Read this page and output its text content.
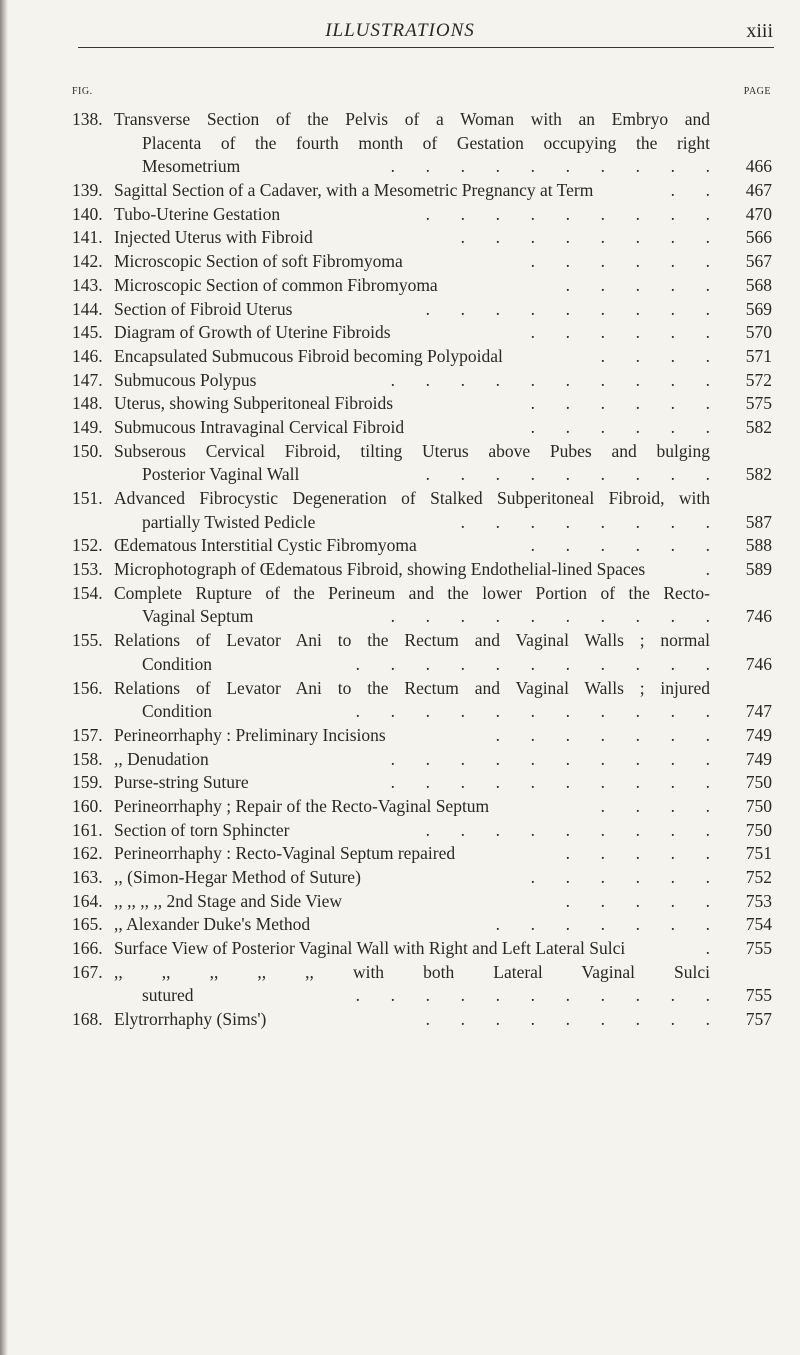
ILLUSTRATIONS	xiii
FIG.	PAGE
138. Transverse Section of the Pelvis of a Woman with an Embryo and
Placenta of the fourth month of Gestation occupying the right
Mesometrium	466
.       .       .       .       .       .       .       .       .       .
139. Sagittal Section of a Cadaver, with a Mesometric Pregnancy at Term	467
.       .
140. Tubo-Uterine Gestation	470
.       .       .       .       .       .       .       .       .
141. Injected Uterus with Fibroid	566
.       .       .       .       .       .       .       .
142. Microscopic Section of soft Fibromyoma	567
.       .       .       .       .       .
143. Microscopic Section of common Fibromyoma	568
.       .       .       .       .
144. Section of Fibroid Uterus	569
.       .       .       .       .       .       .       .       .
145. Diagram of Growth of Uterine Fibroids	570
.       .       .       .       .       .
146. Encapsulated Submucous Fibroid becoming Polypoidal	571
.       .       .       .
147. Submucous Polypus	572
.       .       .       .       .       .       .       .       .       .
148. Uterus, showing Subperitoneal Fibroids	575
.       .       .       .       .       .
149. Submucous Intravaginal Cervical Fibroid	582
.       .       .       .       .       .
150. Subserous Cervical Fibroid, tilting Uterus above Pubes and bulging
Posterior Vaginal Wall	582
.       .       .       .       .       .       .       .       .
151. Advanced Fibrocystic Degeneration of Stalked Subperitoneal Fibroid, with
partially Twisted Pedicle	587
.       .       .       .       .       .       .       .
152. Œdematous Interstitial Cystic Fibromyoma	588
.       .       .       .       .       .
153. Microphotograph of Œdematous Fibroid, showing Endothelial-lined Spaces	589
.
154. Complete Rupture of the Perineum and the lower Portion of the Recto-
Vaginal Septum	746
.       .       .       .       .       .       .       .       .       .
155. Relations of Levator Ani to the Rectum and Vaginal Walls ; normal
Condition	746
.       .       .       .       .       .       .       .       .       .       .
156. Relations of Levator Ani to the Rectum and Vaginal Walls ; injured
Condition	747
.       .       .       .       .       .       .       .       .       .       .
157. Perineorrhaphy : Preliminary Incisions	749
.       .       .       .       .       .       .
158. ,, Denudation	749
.       .       .       .       .       .       .       .       .       .
159. Purse-string Suture	750
.       .       .       .       .       .       .       .       .       .
160. Perineorrhaphy ; Repair of the Recto-Vaginal Septum	750
.       .       .       .
161. Section of torn Sphincter	750
.       .       .       .       .       .       .       .       .
162. Perineorrhaphy : Recto-Vaginal Septum repaired	751
.       .       .       .       .
163. ,, (Simon-Hegar Method of Suture)	752
.       .       .       .       .       .
164. ,, ,, ,, ,, 2nd Stage and Side View	753
.       .       .       .       .
165. ,, Alexander Duke's Method	754
.       .       .       .       .       .       .
166. Surface View of Posterior Vaginal Wall with Right and Left Lateral Sulci	755
.
167. ,, ,, ,, ,, ,, with both Lateral Vaginal Sulci
sutured	755
.       .       .       .       .       .       .       .       .       .       .
168. Elytrorrhaphy (Sims')	757
.       .       .       .       .       .       .       .       .
